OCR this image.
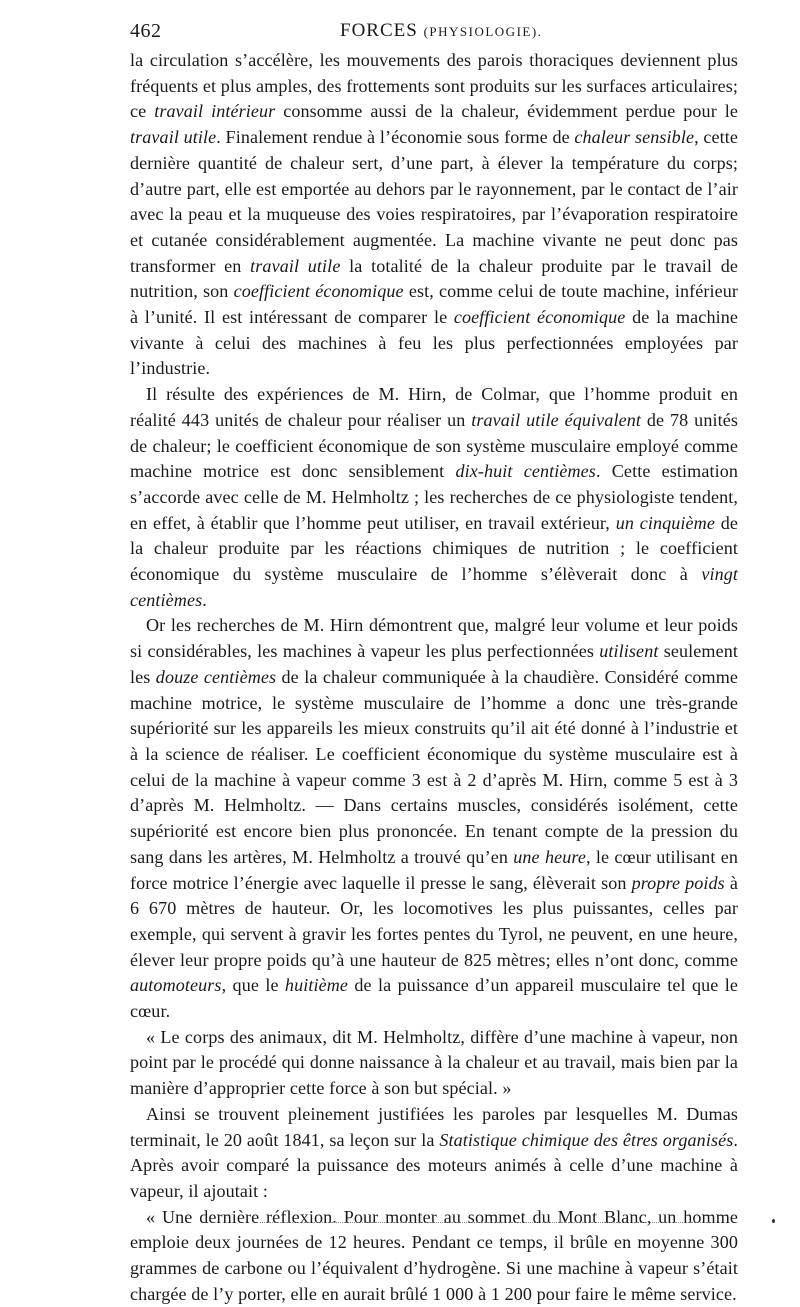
462	FORCES (PHYSIOLOGIE).

la circulation s’accélère, les mouvements des parois thoraciques deviennent plus fréquents et plus amples, des frottements sont produits sur les surfaces articulaires; ce travail intérieur consomme aussi de la chaleur, évidemment perdue pour le travail utile. Finalement rendue à l’économie sous forme de chaleur sensible, cette dernière quantité de chaleur sert, d’une part, à élever la température du corps; d’autre part, elle est emportée au dehors par le rayonnement, par le contact de l’air avec la peau et la muqueuse des voies respiratoires, par l’évaporation respiratoire et cutanée considérablement augmentée. La machine vivante ne peut donc pas transformer en travail utile la totalité de la chaleur produite par le travail de nutrition, son coefficient économique est, comme celui de toute machine, inférieur à l’unité. Il est intéressant de comparer le coefficient économique de la machine vivante à celui des machines à feu les plus perfectionnées employées par l’industrie.

Il résulte des expériences de M. Hirn, de Colmar, que l’homme produit en réalité 443 unités de chaleur pour réaliser un travail utile équivalent de 78 unités de chaleur; le coefficient économique de son système musculaire employé comme machine motrice est donc sensiblement dix-huit centièmes. Cette estimation s’accorde avec celle de M. Helmholtz ; les recherches de ce physiologiste tendent, en effet, à établir que l’homme peut utiliser, en travail extérieur, un cinquième de la chaleur produite par les réactions chimiques de nutrition ; le coefficient économique du système musculaire de l’homme s’élèverait donc à vingt centièmes.

Or les recherches de M. Hirn démontrent que, malgré leur volume et leur poids si considérables, les machines à vapeur les plus perfectionnées utilisent seulement les douze centièmes de la chaleur communiquée à la chaudière. Considéré comme machine motrice, le système musculaire de l’homme a donc une très-grande supériorité sur les appareils les mieux construits qu’il ait été donné à l’industrie et à la science de réaliser. Le coefficient économique du système musculaire est à celui de la machine à vapeur comme 3 est à 2 d’après M. Hirn, comme 5 est à 3 d’après M. Helmholtz. — Dans certains muscles, considérés isolément, cette supériorité est encore bien plus prononcée. En tenant compte de la pression du sang dans les artères, M. Helmholtz a trouvé qu’en une heure, le cœur utilisant en force motrice l’énergie avec laquelle il presse le sang, élèverait son propre poids à 6 670 mètres de hauteur. Or, les locomotives les plus puissantes, celles par exemple, qui servent à gravir les fortes pentes du Tyrol, ne peuvent, en une heure, élever leur propre poids qu’à une hauteur de 825 mètres; elles n’ont donc, comme automoteurs, que le huitième de la puissance d’un appareil musculaire tel que le cœur.

« Le corps des animaux, dit M. Helmholtz, diffère d’une machine à vapeur, non point par le procédé qui donne naissance à la chaleur et au travail, mais bien par la manière d’approprier cette force à son but spécial. »

Ainsi se trouvent pleinement justifiées les paroles par lesquelles M. Dumas terminait, le 20 août 1841, sa leçon sur la Statistique chimique des êtres organisés. Après avoir comparé la puissance des moteurs animés à celle d’une machine à vapeur, il ajoutait :

« Une dernière réflexion. Pour monter au sommet du Mont Blanc, un homme emploie deux journées de 12 heures. Pendant ce temps, il brûle en moyenne 300 grammes de carbone ou l’équivalent d’hydrogène. Si une machine à vapeur s’était chargée de l’y porter, elle en aurait brûlé 1 000 à 1 200 pour faire le même service.
